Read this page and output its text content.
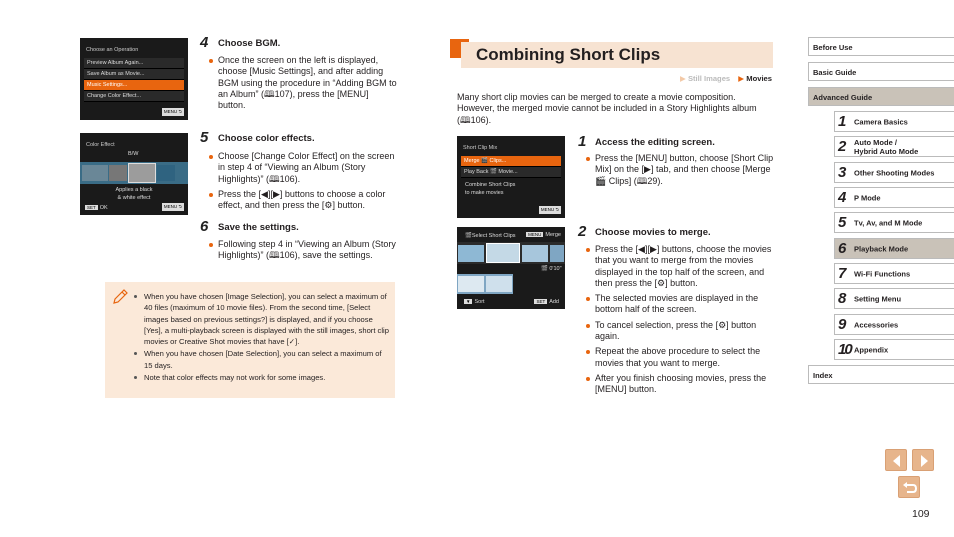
Choose an Operation
Preview Album Again...
Save Album as Movie...
Music Settings...
Change Color Effect...
MENU ⮌
Color Effect
B/W
Applies a black
& white effect
SET OK	MENU ⮌
4 Choose BGM.
Once the screen on the left is displayed, choose [Music Settings], and after adding BGM using the procedure in “Adding BGM to an Album” (🕮107), press the [MENU] button.
5 Choose color effects.
Choose [Change Color Effect] on the screen in step 4 of “Viewing an Album (Story Highlights)” (🕮106).
Press the [◀][▶] buttons to choose a color effect, and then press the [⚙] button.
6 Save the settings.
Following step 4 in “Viewing an Album (Story Highlights)” (🕮106), save the settings.
When you have chosen [Image Selection], you can select a maximum of 40 files (maximum of 10 movie files). From the second time, [Select images based on previous settings?] is displayed, and if you choose [Yes], a multi-playback screen is displayed with the still images, short clip movies or Creative Shot movies that have [✓].
When you have chosen [Date Selection], you can select a maximum of 15 days.
Note that color effects may not work for some images.
Combining Short Clips
▶ Still Images ▶ Movies

Many short clip movies can be merged to create a movie composition. However, the merged movie cannot be included in a Story Highlights album (🕮106).

Short Clip Mix
Merge 🎬 Clips...
Play Back 🎬 Movie...
Combine Short Clips
to make movies
MENU ⮌
🎬Select Short Clips	MENU Merge
🎬 0'10"
▼ Sort	SET Add
1 Access the editing screen.
Press the [MENU] button, choose [Short Clip Mix] on the [▶] tab, and then choose [Merge 🎬 Clips] (🕮29).
2 Choose movies to merge.
Press the [◀][▶] buttons, choose the movies that you want to merge from the movies displayed in the top half of the screen, and then press the [⚙] button.
The selected movies are displayed in the bottom half of the screen.
To cancel selection, press the [⚙] button again.
Repeat the above procedure to select the movies that you want to merge.
After you finish choosing movies, press the [MENU] button.
Before Use
Basic Guide
Advanced Guide
1 Camera Basics
2 Auto Mode /
Hybrid Auto Mode
3 Other Shooting Modes
4 P Mode
5 Tv, Av, and M Mode
6 Playback Mode
7 Wi-Fi Functions
8 Setting Menu
9 Accessories
10 Appendix
Index
109
